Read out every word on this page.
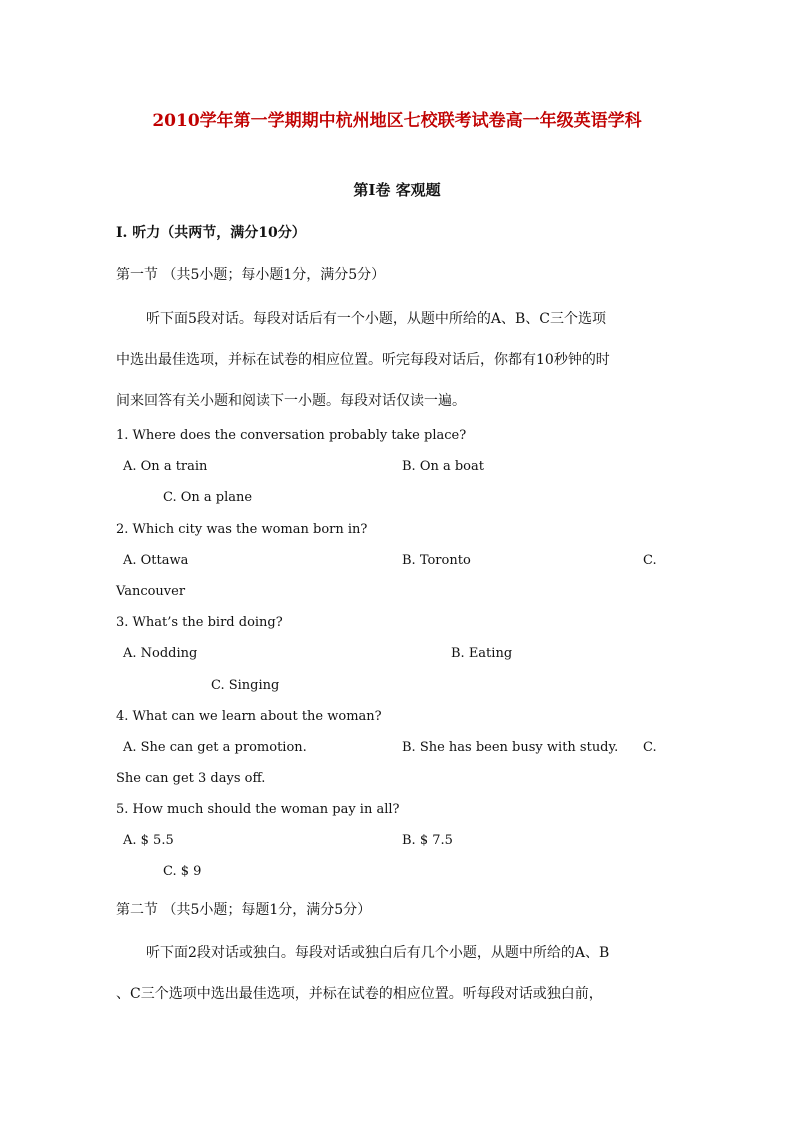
2010学年第一学期期中杭州地区七校联考试卷高一年级英语学科
第Ⅰ卷 客观题
I. 听力（共两节，满分10分）
第一节 （共5小题；每小题1分，满分5分）
听下面5段对话。每段对话后有一个小题，从题中所给的A、B、C三个选项
中选出最佳选项，并标在试卷的相应位置。听完每段对话后，你都有10秒钟的时
间来回答有关小题和阅读下一小题。每段对话仅读一遍。
1. Where does the conversation probably take place?
A. On a train	B. On a boat
C. On a plane
2. Which city was the woman born in?
A. Ottawa	B. Toronto	C.
Vancouver
3. What’s the bird doing?
A. Nodding	B. Eating
C. Singing
4. What can we learn about the woman?
A. She can get a promotion.	B. She has been busy with study. C.
She can get 3 days off.
5. How much should the woman pay in all?
A. $ 5.5	B. $ 7.5
C. $ 9
第二节 （共5小题；每题1分，满分5分）
听下面2段对话或独白。每段对话或独白后有几个小题，从题中所给的A、B
、C三个选项中选出最佳选项，并标在试卷的相应位置。听每段对话或独白前，
